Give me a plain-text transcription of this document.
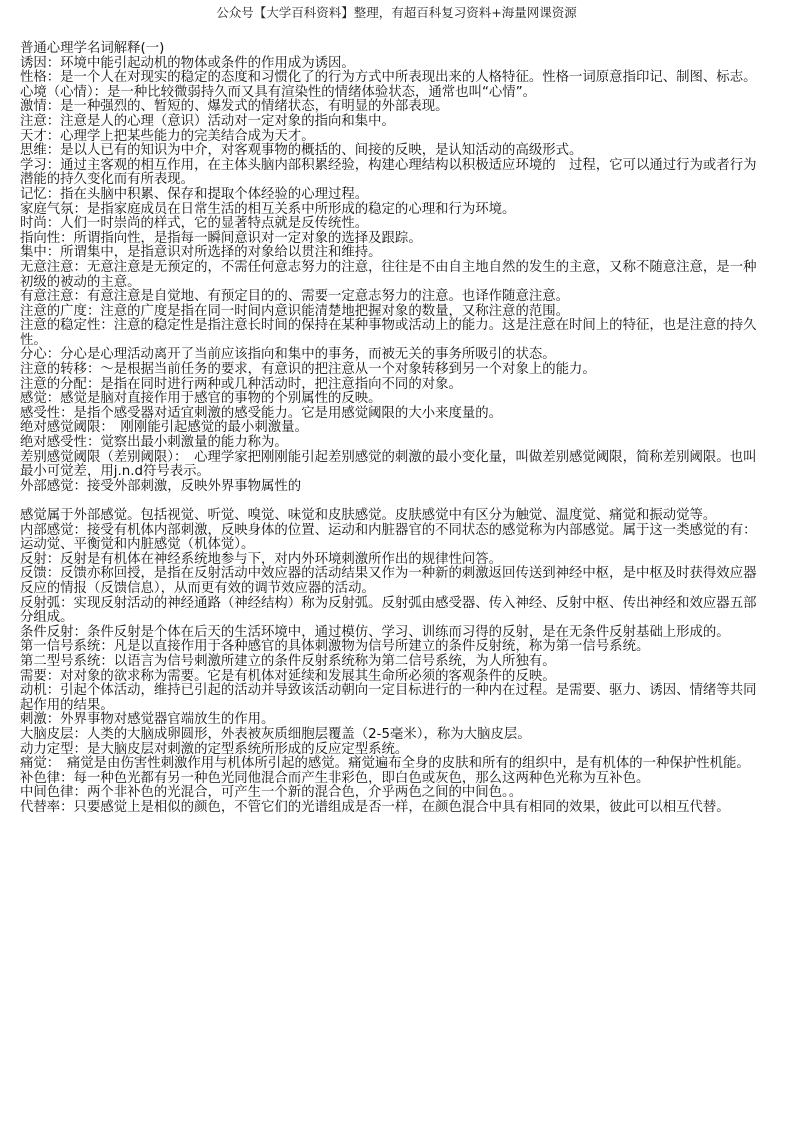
公众号【大学百科资料】整理，有超百科复习资料+海量网课资源

普通心理学名词解释(一)

诱因：环境中能引起动机的物体或条件的作用成为诱因。

性格：是一个人在对现实的稳定的态度和习惯化了的行为方式中所表现出来的人格特征。性格一词原意指印记、制图、标志。

心境（心情）：是一种比较微弱持久而又具有渲染性的情绪体验状态，通常也叫“心情”。

激情：是一种强烈的、暂短的、爆发式的情绪状态，有明显的外部表现。

注意：注意是人的心理（意识）活动对一定对象的指向和集中。

天才：心理学上把某些能力的完美结合成为天才。

思维：是以人已有的知识为中介，对客观事物的概括的、间接的反映，是认知活动的高级形式。

学习：通过主客观的相互作用，在主体头脑内部积累经验，构建心理结构以积极适应环境的　过程，它可以通过行为或者行为潜能的持久变化而有所表现。

记忆：指在头脑中积累、保存和提取个体经验的心理过程。

家庭气氛：是指家庭成员在日常生活的相互关系中所形成的稳定的心理和行为环境。

时尚：人们一时崇尚的样式，它的显著特点就是反传统性。

指向性：所谓指向性，是指每一瞬间意识对一定对象的选择及跟踪。

集中：所谓集中，是指意识对所选择的对象给以贯注和维持。

无意注意：无意注意是无预定的，不需任何意志努力的注意，往往是不由自主地自然的发生的主意，又称不随意注意，是一种初级的被动的主意。

有意注意：有意注意是自觉地、有预定目的的、需要一定意志努力的注意。也译作随意注意。

注意的广度：注意的广度是指在同一时间内意识能清楚地把握对象的数量，又称注意的范围。

注意的稳定性：注意的稳定性是指注意长时间的保持在某种事物或活动上的能力。这是注意在时间上的特征，也是注意的持久性。

分心：分心是心理活动离开了当前应该指向和集中的事务，而被无关的事务所吸引的状态。

注意的转移：～是根据当前任务的要求，有意识的把注意从一个对象转移到另一个对象上的能力。

注意的分配：是指在同时进行两种或几种活动时，把注意指向不同的对象。

感觉：感觉是脑对直接作用于感官的事物的个别属性的反映。

感受性：是指个感受器对适宜刺激的感受能力。它是用感觉阈限的大小来度量的。

绝对感觉阈限：　刚刚能引起感觉的最小刺激量。

绝对感受性：觉察出最小刺激量的能力称为。

差别感觉阈限（差别阈限）：　心理学家把刚刚能引起差别感觉的刺激的最小变化量，叫做差别感觉阈限，简称差别阈限。也叫最小可觉差，用j.n.d符号表示。

外部感觉：接受外部刺激，反映外界事物属性的

感觉属于外部感觉。包括视觉、听觉、嗅觉、味觉和皮肤感觉。皮肤感觉中有区分为触觉、温度觉、痛觉和振动觉等。

内部感觉：接受有机体内部刺激，反映身体的位置、运动和内脏器官的不同状态的感觉称为内部感觉。属于这一类感觉的有：运动觉、平衡觉和内脏感觉（机体觉）。

反射：反射是有机体在神经系统地参与下，对内外环境刺激所作出的规律性问答。

反馈：反馈亦称回授，是指在反射活动中效应器的活动结果又作为一种新的刺激返回传送到神经中枢，是中枢及时获得效应器反应的情报（反馈信息），从而更有效的调节效应器的活动。

反射弧：实现反射活动的神经通路（神经结构）称为反射弧。反射弧由感受器、传入神经、反射中枢、传出神经和效应器五部分组成。

条件反射：条件反射是个体在后天的生活环境中，通过模仿、学习、训练而习得的反射，是在无条件反射基础上形成的。

第一信号系统：凡是以直接作用于各种感官的具体刺激物为信号所建立的条件反射统，称为第一信号系统。

第二型号系统：以语言为信号刺激所建立的条件反射系统称为第二信号系统，为人所独有。

需要：对对象的欲求称为需要。它是有机体对延续和发展其生命所必须的客观条件的反映。

动机：引起个体活动，维持已引起的活动并导致该活动朝向一定目标进行的一种内在过程。是需要、驱力、诱因、情绪等共同起作用的结果。

刺激：外界事物对感觉器官端放生的作用。

大脑皮层：人类的大脑成卵圆形，外表被灰质细胞层覆盖（2-5毫米），称为大脑皮层。

动力定型：是大脑皮层对刺激的定型系统所形成的反应定型系统。

痛觉：　痛觉是由伤害性刺激作用与机体所引起的感觉。痛觉遍布全身的皮肤和所有的组织中，是有机体的一种保护性机能。

补色律：每一种色光都有另一种色光同他混合而产生非彩色，即白色或灰色，那么这两种色光称为互补色。

中间色律：两个非补色的光混合，可产生一个新的混合色，介乎两色之间的中间色。。

代替率：只要感觉上是相似的颜色，不管它们的光谱组成是否一样，在颜色混合中具有相同的效果，彼此可以相互代替。
